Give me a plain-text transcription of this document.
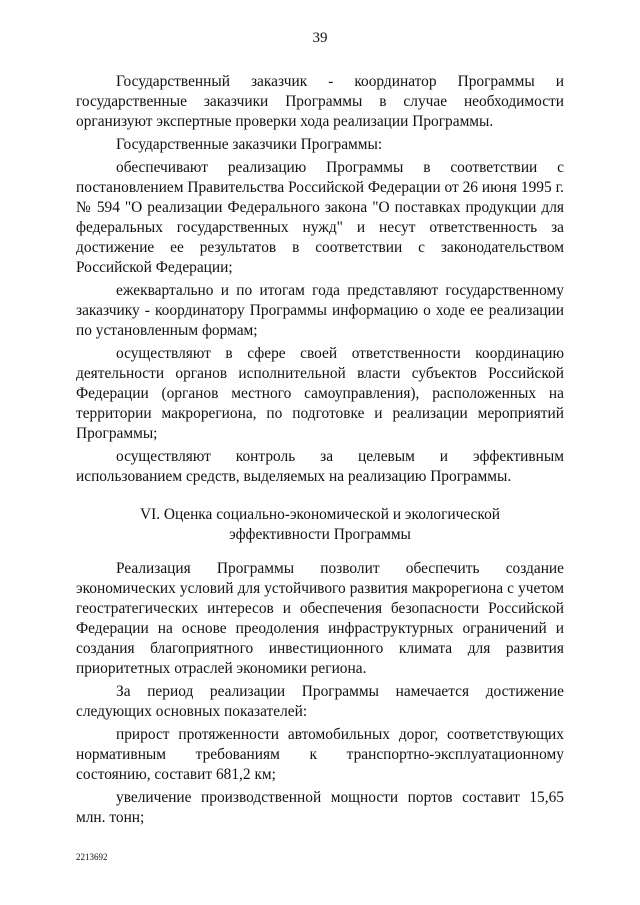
39

Государственный заказчик - координатор Программы и государственные заказчики Программы в случае необходимости организуют экспертные проверки хода реализации Программы.

Государственные заказчики Программы:

обеспечивают реализацию Программы в соответствии с постановлением Правительства Российской Федерации от 26 июня 1995 г. № 594 "О реализации Федерального закона "О поставках продукции для федеральных государственных нужд" и несут ответственность за достижение ее результатов в соответствии с законодательством Российской Федерации;

ежеквартально и по итогам года представляют государственному заказчику - координатору Программы информацию о ходе ее реализации по установленным формам;

осуществляют в сфере своей ответственности координацию деятельности органов исполнительной власти субъектов Российской Федерации (органов местного самоуправления), расположенных на территории макрорегиона, по подготовке и реализации мероприятий Программы;

осуществляют контроль за целевым и эффективным использованием средств, выделяемых на реализацию Программы.

VI. Оценка социально-экономической и экологической
эффективности Программы

Реализация Программы позволит обеспечить создание экономических условий для устойчивого развития макрорегиона с учетом геостратегических интересов и обеспечения безопасности Российской Федерации на основе преодоления инфраструктурных ограничений и создания благоприятного инвестиционного климата для развития приоритетных отраслей экономики региона.

За период реализации Программы намечается достижение следующих основных показателей:

прирост протяженности автомобильных дорог, соответствующих нормативным требованиям к транспортно-эксплуатационному состоянию, составит 681,2 км;

увеличение производственной мощности портов составит 15,65 млн. тонн;

2213692
